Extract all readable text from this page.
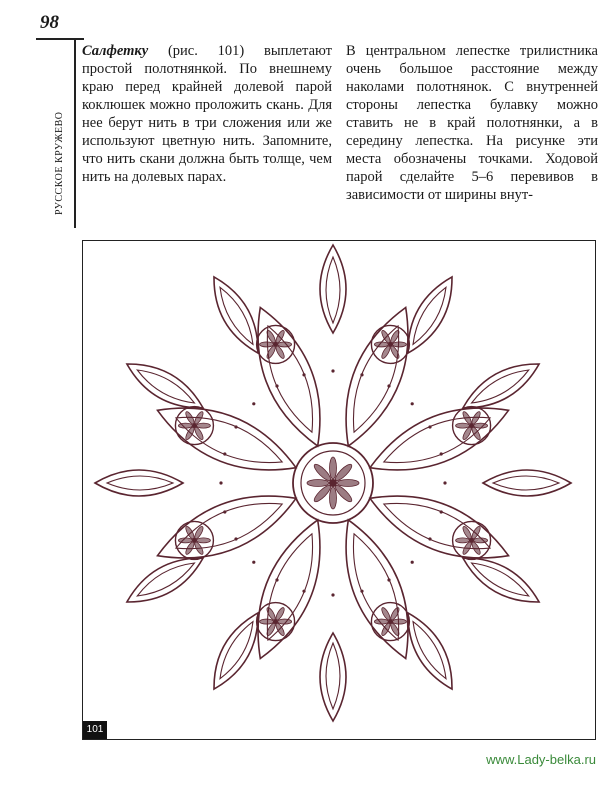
98
РУССКОЕ КРУЖЕВО
Салфетку (рис. 101) выплетают простой полотнянкой. По внешнему краю перед крайней долевой парой коклюшек можно проложить скань. Для нее берут нить в три сложения или же используют цветную нить. Запомните, что нить скани должна быть толще, чем нить на долевых парах.
В центральном лепестке трилистника очень большое расстояние между наколами полотнянок. С внутренней стороны лепестка булавку можно ставить не в край полотнянки, а в середину лепестка. На рисунке эти места обозначены точками. Ходовой парой сделайте 5–6 перевивов в зависимости от ширины внут-
101
www.Lady-belka.ru
